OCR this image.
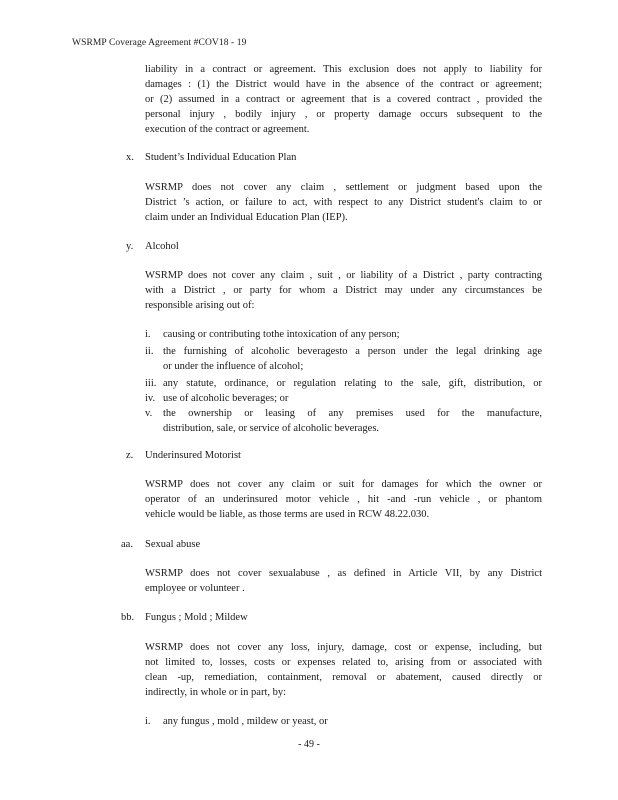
WSRMP Coverage Agreement #COV18 - 19

liability in a contract or agreement. This exclusion does not apply to liability for

damages : (1) the District would have in the absence of the contract or agreement;

or (2) assumed in a contract or agreement that is a covered contract , provided the

personal injury , bodily injury , or property damage occurs subsequent to the

execution of the contract or agreement.

x. Student’s Individual Education Plan

WSRMP does not cover any claim , settlement or judgment based upon the

District ’s action, or failure to act, with respect to any District student's claim to or

claim under an Individual Education Plan (IEP).

y. Alcohol

WSRMP does not cover any claim , suit , or liability of a District , party contracting

with a District , or party for whom a District may under any circumstances be

responsible arising out of:

i. causing or contributing tothe intoxication of any person;
ii. the furnishing of alcoholic beveragesto a person under the legal drinking age
or under the influence of alcohol;
iii. any statute, ordinance, or regulation relating to the sale, gift, distribution, or
iv. use of alcoholic beverages; or
v. the ownership or leasing of any premises used for the manufacture,
distribution, sale, or service of alcoholic beverages.
z. Underinsured Motorist

WSRMP does not cover any claim or suit for damages for which the owner or

operator of an underinsured motor vehicle , hit -and -run vehicle , or phantom

vehicle would be liable, as those terms are used in RCW 48.22.030.

aa. Sexual abuse

WSRMP does not cover sexualabuse , as defined in Article VII, by any District

employee or volunteer .

bb. Fungus ; Mold ; Mildew

WSRMP does not cover any loss, injury, damage, cost or expense, including, but

not limited to, losses, costs or expenses related to, arising from or associated with

clean -up, remediation, containment, removal or abatement, caused directly or

indirectly, in whole or in part, by:

i. any fungus , mold , mildew or yeast, or
- 49 -
